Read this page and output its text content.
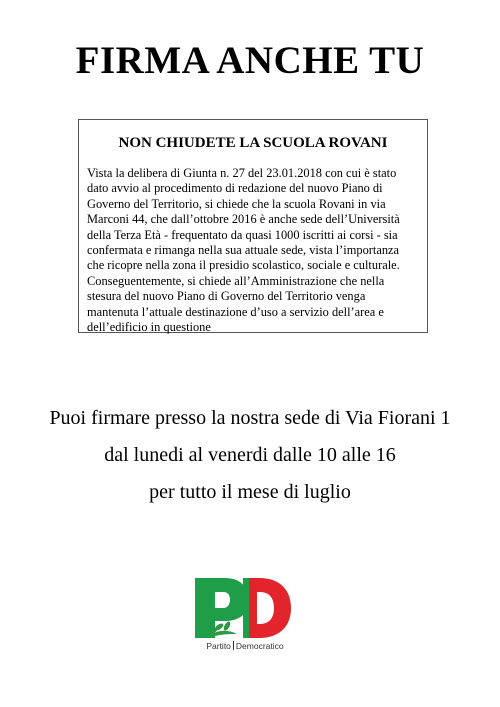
FIRMA ANCHE TU
NON CHIUDETE LA SCUOLA ROVANI

Vista la delibera di Giunta n. 27 del 23.01.2018 con cui è stato dato avvio al procedimento di redazione del nuovo Piano di Governo del Territorio, si chiede che la scuola Rovani in via Marconi 44, che dall’ottobre 2016 è anche sede dell’Università della Terza Età - frequentato da quasi 1000 iscritti ai corsi - sia confermata e rimanga nella sua attuale sede, vista l’importanza che ricopre nella zona il presidio scolastico, sociale e culturale.

Conseguentemente, si chiede all’Amministrazione che nella stesura del nuovo Piano di Governo del Territorio venga mantenuta l’attuale destinazione d’uso a servizio dell’area e dell’edificio in questione

Puoi firmare presso la nostra sede di Via Fiorani 1
dal lunedi al venerdi dalle 10 alle 16
per tutto il mese di luglio
Partito Democratico
